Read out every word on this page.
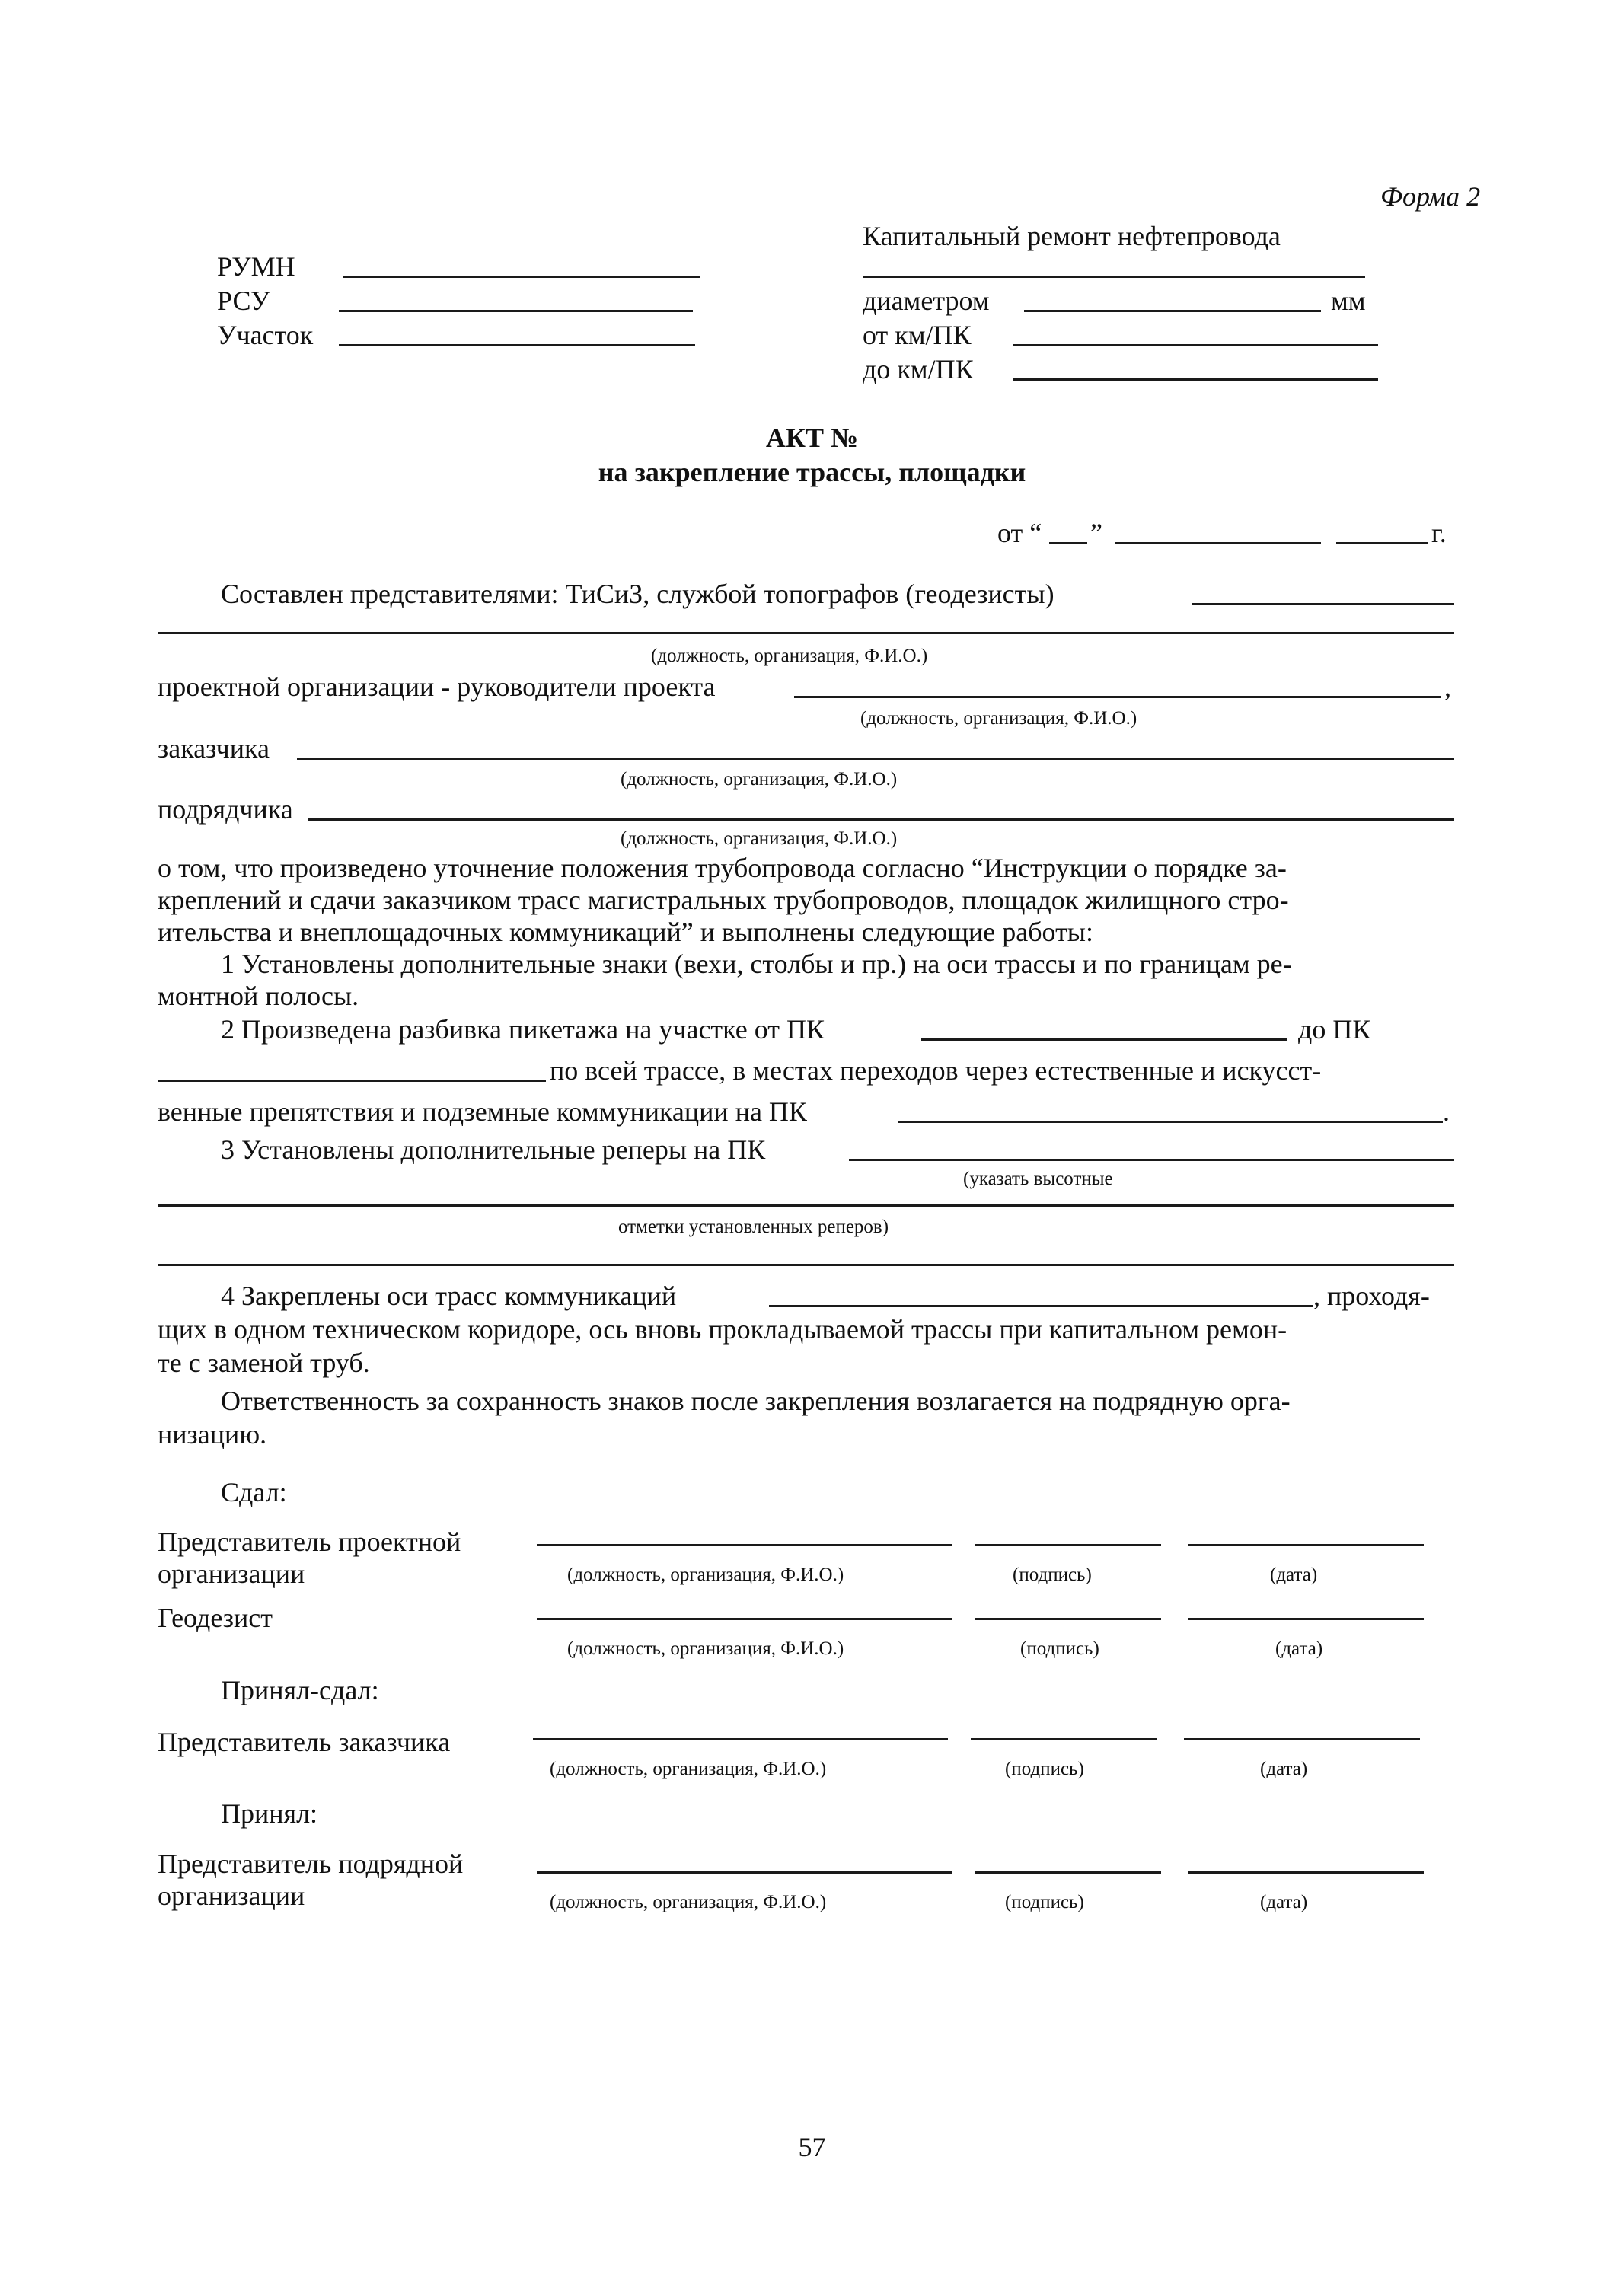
Форма 2
Капитальный ремонт нефтепровода
РУМН
РСУ
Участок
диаметром	мм
от км/ПК
до км/ПК
АКТ №
на закрепление трассы, площадки
от “ ”	г.
Составлен представителями: ТиСиЗ, службой топографов (геодезисты)
(должность, организация, Ф.И.О.)
проектной организации - руководители проекта	,
(должность, организация, Ф.И.О.)
заказчика
(должность, организация, Ф.И.О.)
подрядчика
(должность, организация, Ф.И.О.)
о том, что произведено уточнение положения трубопровода согласно “Инструкции о порядке за-
креплений и сдачи заказчиком трасс магистральных трубопроводов, площадок жилищного стро-
ительства и внеплощадочных коммуникаций” и выполнены следующие работы:
1 Установлены дополнительные знаки (вехи, столбы и пр.) на оси трассы и по границам ре-
монтной полосы.
2 Произведена разбивка пикетажа на участке от ПК	до ПК
по всей трассе, в местах переходов через естественные и искусст-
венные препятствия и подземные коммуникации на ПК	.
3 Установлены дополнительные реперы на ПК
(указать высотные
отметки установленных реперов)
4 Закреплены оси трасс коммуникаций	, проходя-
щих в одном техническом коридоре, ось вновь прокладываемой трассы при капитальном ремон-
те с заменой труб.
Ответственность за сохранность знаков после закрепления возлагается на подрядную орга-
низацию.
Сдал:
Представитель проектной
организации	(должность, организация, Ф.И.О.)	(подпись)	(дата)
Геодезист
(должность, организация, Ф.И.О.)	(подпись)	(дата)
Принял-сдал:
Представитель заказчика
(должность, организация, Ф.И.О.)	(подпись)	(дата)
Принял:
Представитель подрядной
организации	(должность, организация, Ф.И.О.)	(подпись)	(дата)
57
